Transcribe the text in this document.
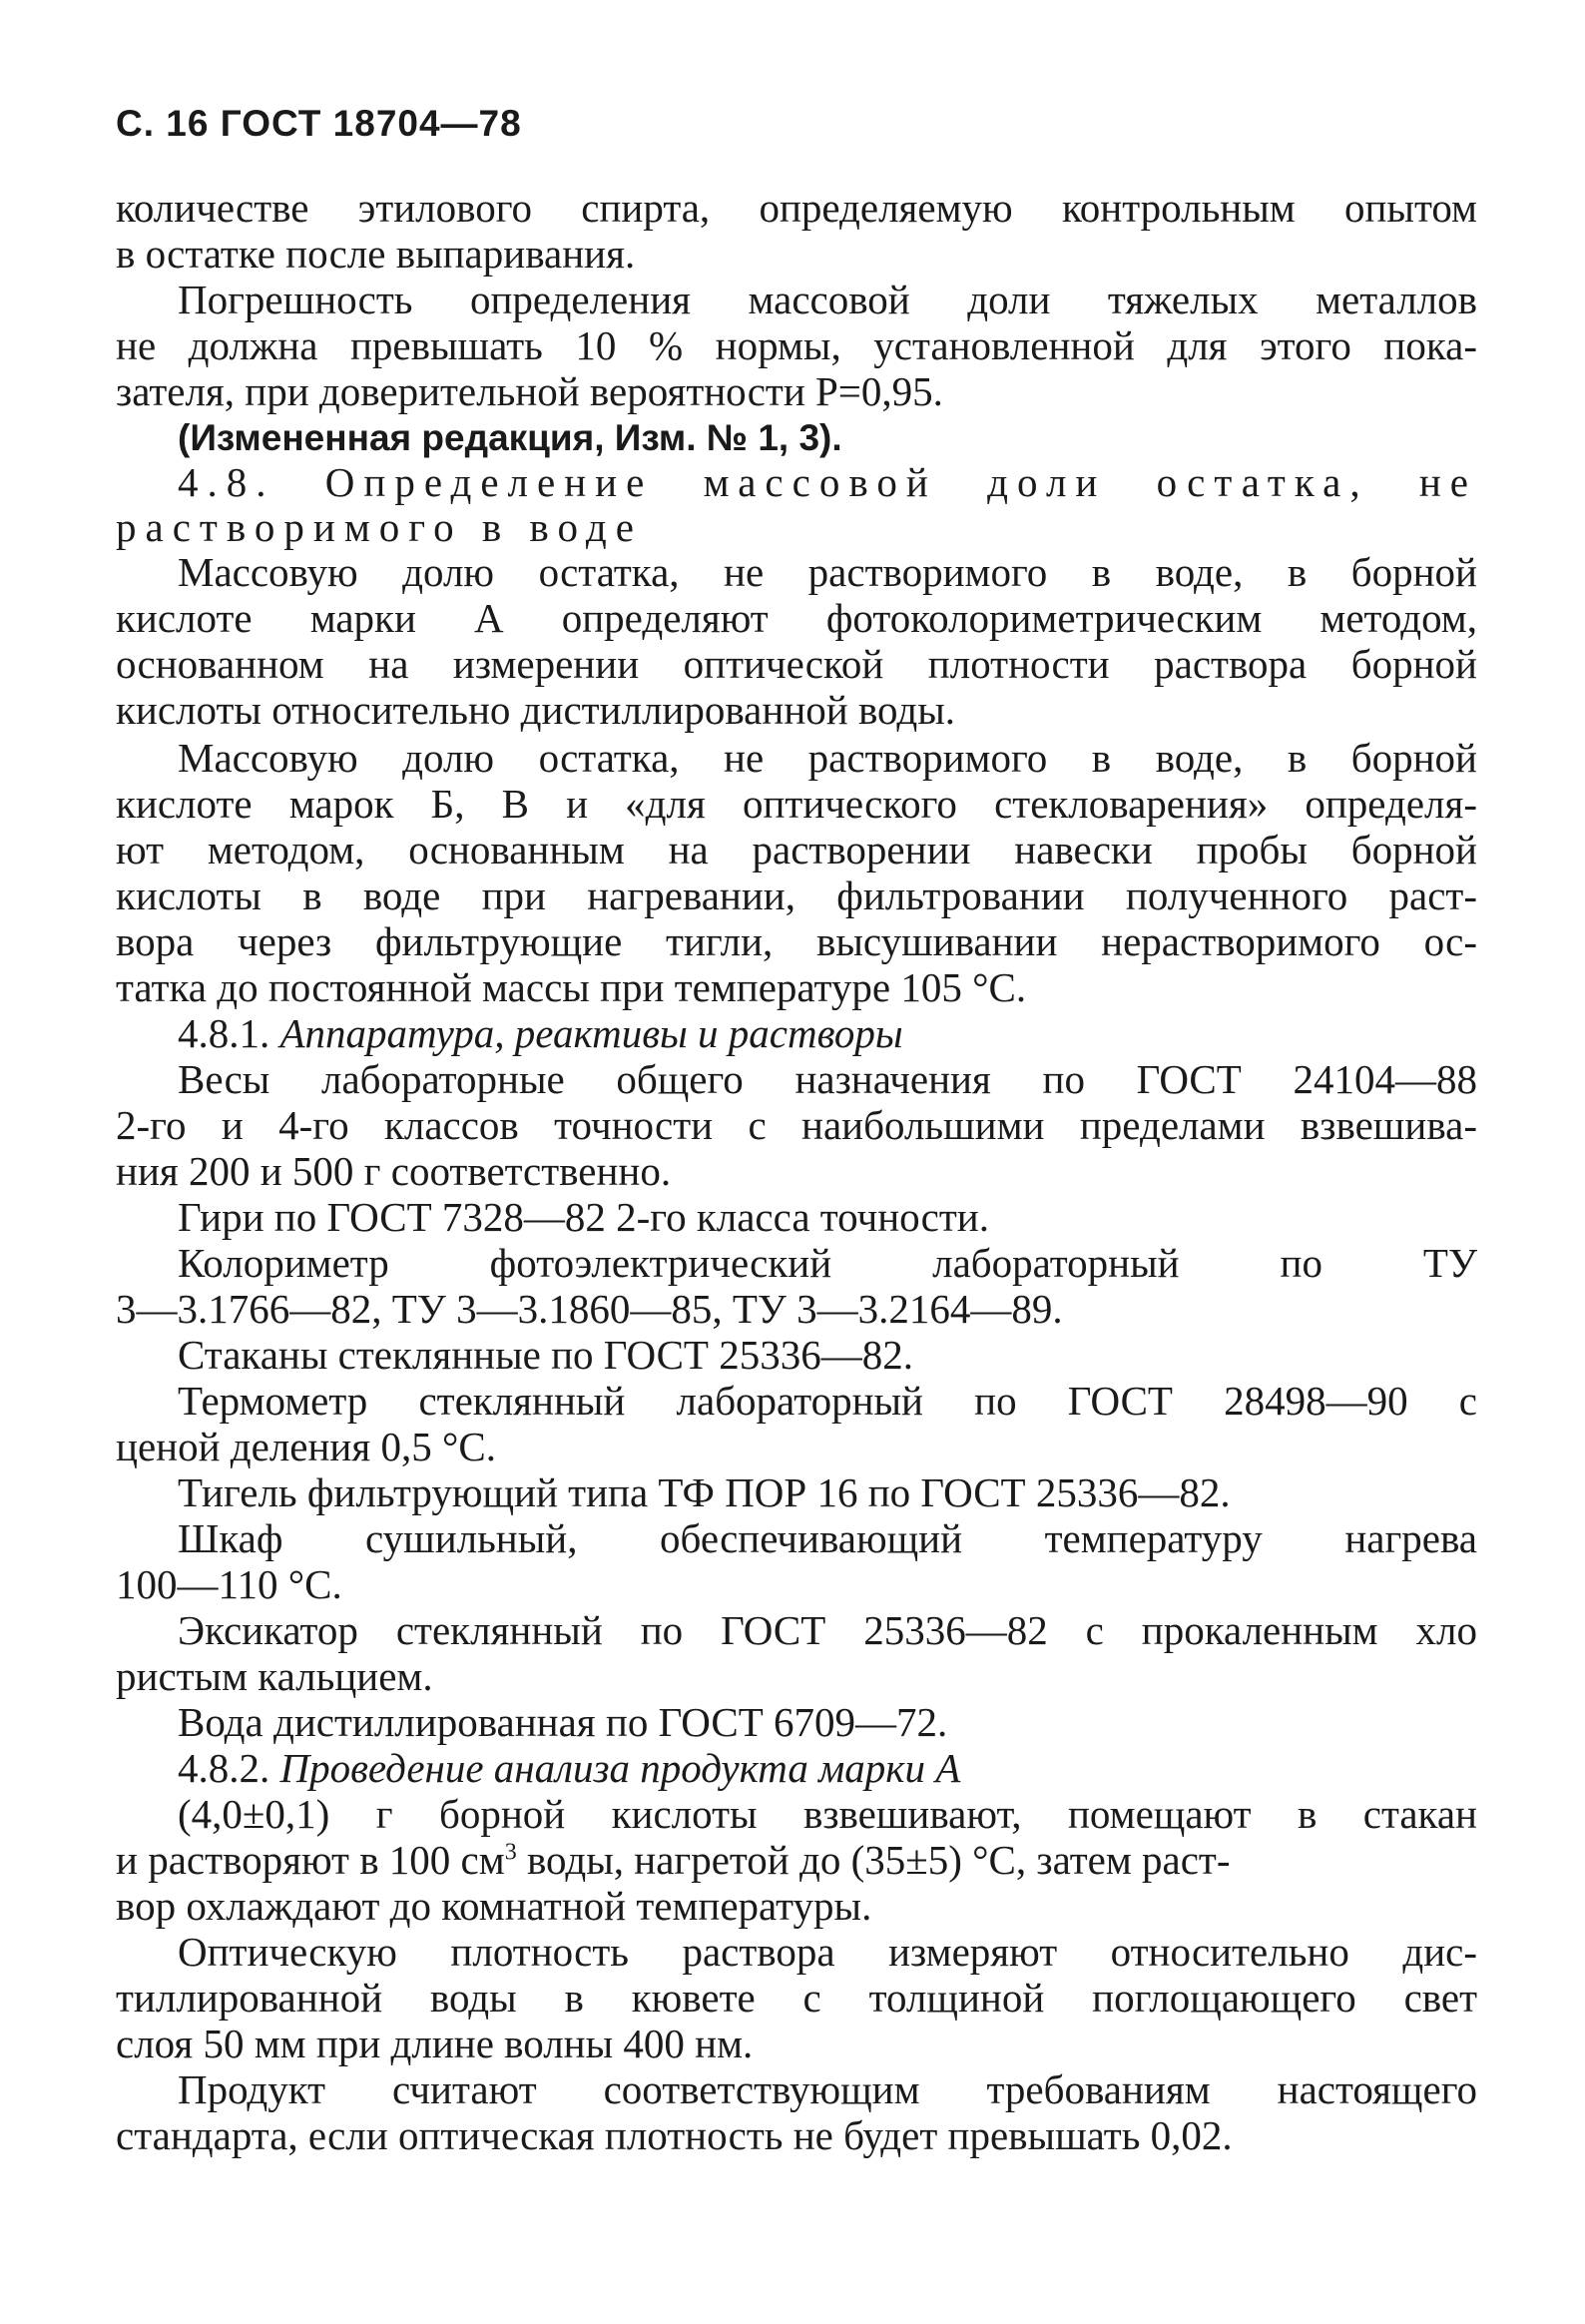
С. 16 ГОСТ 18704—78
количестве этилового спирта, определяемую контрольным опытом
в остатке после выпаривания.
Погрешность определения массовой доли тяжелых металлов
не должна превышать 10 % нормы, установленной для этого пока-
зателя, при доверительной вероятности Р=0,95.
(Измененная редакция, Изм. № 1, 3).
4.8. Определение массовой доли остатка, не
растворимого в воде
Массовую долю остатка, не растворимого в воде, в борной
кислоте марки А определяют фотоколориметрическим методом,
основанном на измерении оптической плотности раствора борной
кислоты относительно дистиллированной воды.
Массовую долю остатка, не растворимого в воде, в борной
кислоте марок Б, В и «для оптического стекловарения» определя-
ют методом, основанным на растворении навески пробы борной
кислоты в воде при нагревании, фильтровании полученного раст-
вора через фильтрующие тигли, высушивании нерастворимого ос-
татка до постоянной массы при температуре 105 °С.
4.8.1. Аппаратура, реактивы и растворы
Весы лабораторные общего назначения по ГОСТ 24104—88
2-го и 4-го классов точности с наибольшими пределами взвешива-
ния 200 и 500 г соответственно.
Гири по ГОСТ 7328—82 2-го класса точности.
Колориметр фотоэлектрический лабораторный по ТУ
3—3.1766—82, ТУ 3—3.1860—85, ТУ 3—3.2164—89.
Стаканы стеклянные по ГОСТ 25336—82.
Термометр стеклянный лабораторный по ГОСТ 28498—90 с
ценой деления 0,5 °С.
Тигель фильтрующий типа ТФ ПОР 16 по ГОСТ 25336—82.
Шкаф сушильный, обеспечивающий температуру нагрева
100—110 °С.
Эксикатор стеклянный по ГОСТ 25336—82 с прокаленным хло
ристым кальцием.
Вода дистиллированная по ГОСТ 6709—72.
4.8.2. Проведение анализа продукта марки А
(4,0±0,1) г борной кислоты взвешивают, помещают в стакан
и растворяют в 100 $см^3$ воды, нагретой до (35±5) °С, затем раст-
вор охлаждают до комнатной температуры.
Оптическую плотность раствора измеряют относительно дис-
тиллированной воды в кювете с толщиной поглощающего свет
слоя 50 мм при длине волны 400 нм.
Продукт считают соответствующим требованиям настоящего
стандарта, если оптическая плотность не будет превышать 0,02.
